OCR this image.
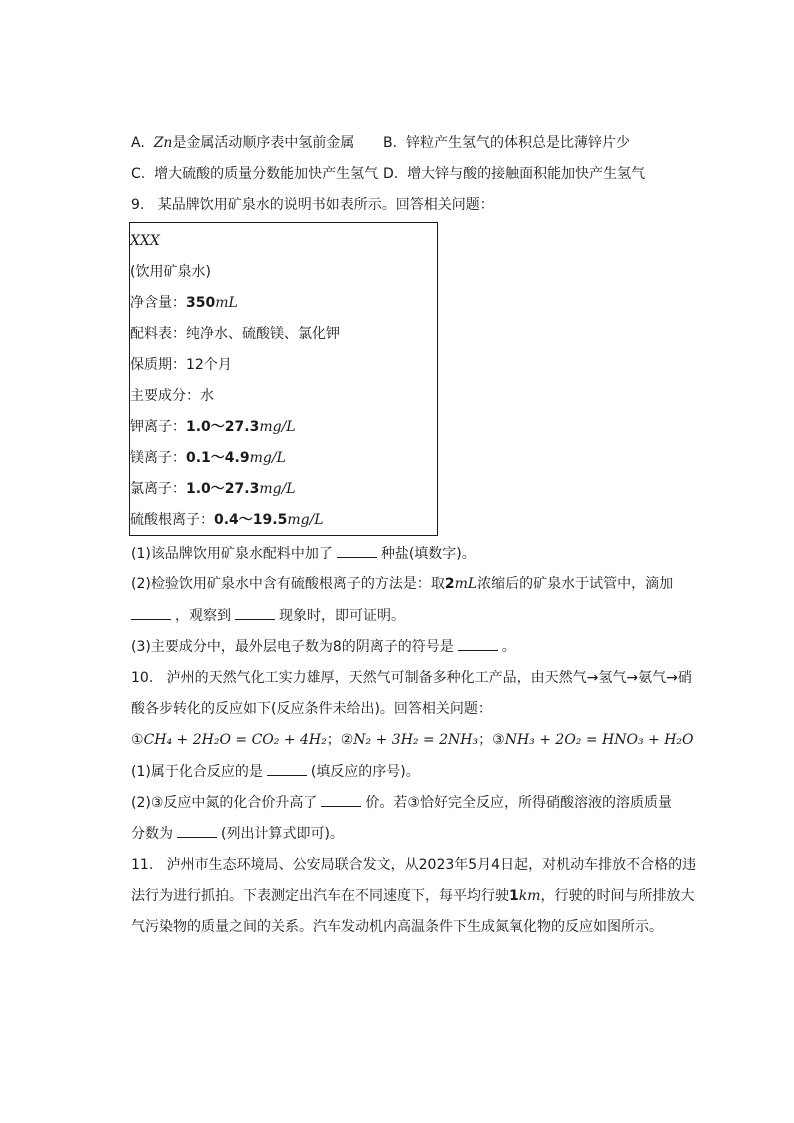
A. Zn是金属活动顺序表中氢前金属 B. 锌粒产生氢气的体积总是比薄锌片少
C. 增大硫酸的质量分数能加快产生氢气 D. 增大锌与酸的接触面积能加快产生氢气
9. 某品牌饮用矿泉水的说明书如表所示。回答相关问题：
XXX
(饮用矿泉水)
净含量：350mL
配料表：纯净水、硫酸镁、氯化钾
保质期：12个月
主要成分：水
钾离子：1.0～27.3mg/L
镁离子：0.1～4.9mg/L
氯离子：1.0～27.3mg/L
硫酸根离子：0.4～19.5mg/L
(1)该品牌饮用矿泉水配料中加了	种盐(填数字)。
(2)检验饮用矿泉水中含有硫酸根离子的方法是：取2mL浓缩后的矿泉水于试管中，滴加
，观察到	现象时，即可证明。
(3)主要成分中，最外层电子数为8的阴离子的符号是	。
10. 泸州的天然气化工实力雄厚，天然气可制备多种化工产品，由天然气→氢气→氨气→硝
酸各步转化的反应如下(反应条件未给出)。回答相关问题：
①CH₄ + 2H₂O = CO₂ + 4H₂；②N₂ + 3H₂ = 2NH₃；③NH₃ + 2O₂ = HNO₃ + H₂O
(1)属于化合反应的是	(填反应的序号)。
(2)③反应中氮的化合价升高了	价。若③恰好完全反应，所得硝酸溶液的溶质质量
分数为	(列出计算式即可)。
11. 泸州市生态环境局、公安局联合发文，从2023年5月4日起，对机动车排放不合格的违
法行为进行抓拍。下表测定出汽车在不同速度下，每平均行驶1km，行驶的时间与所排放大
气污染物的质量之间的关系。汽车发动机内高温条件下生成氮氧化物的反应如图所示。
